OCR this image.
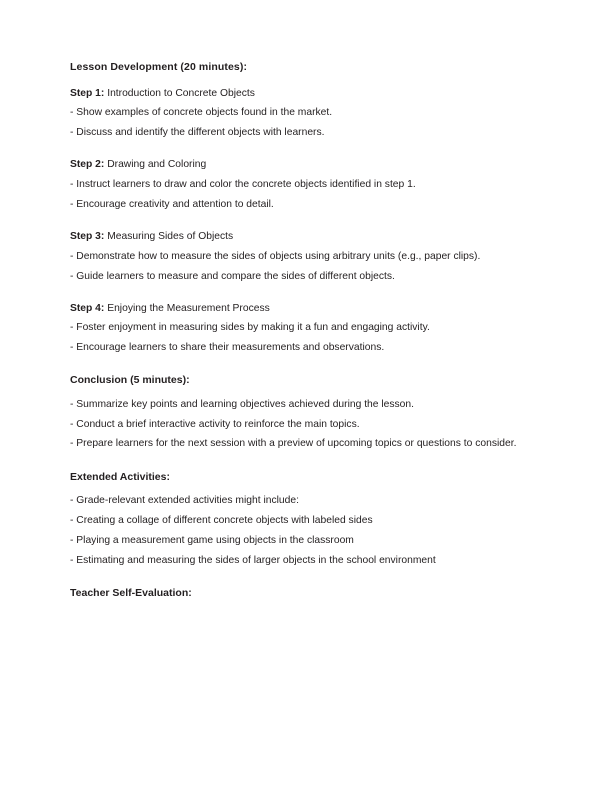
Lesson Development (20 minutes):

Step 1: Introduction to Concrete Objects

- Show examples of concrete objects found in the market.

- Discuss and identify the different objects with learners.

Step 2: Drawing and Coloring

- Instruct learners to draw and color the concrete objects identified in step 1.

- Encourage creativity and attention to detail.

Step 3: Measuring Sides of Objects

- Demonstrate how to measure the sides of objects using arbitrary units (e.g., paper clips).

- Guide learners to measure and compare the sides of different objects.

Step 4: Enjoying the Measurement Process

- Foster enjoyment in measuring sides by making it a fun and engaging activity.

- Encourage learners to share their measurements and observations.

Conclusion (5 minutes):

- Summarize key points and learning objectives achieved during the lesson.

- Conduct a brief interactive activity to reinforce the main topics.

- Prepare learners for the next session with a preview of upcoming topics or questions to consider.

Extended Activities:

- Grade-relevant extended activities might include:

- Creating a collage of different concrete objects with labeled sides

- Playing a measurement game using objects in the classroom

- Estimating and measuring the sides of larger objects in the school environment

Teacher Self-Evaluation:
